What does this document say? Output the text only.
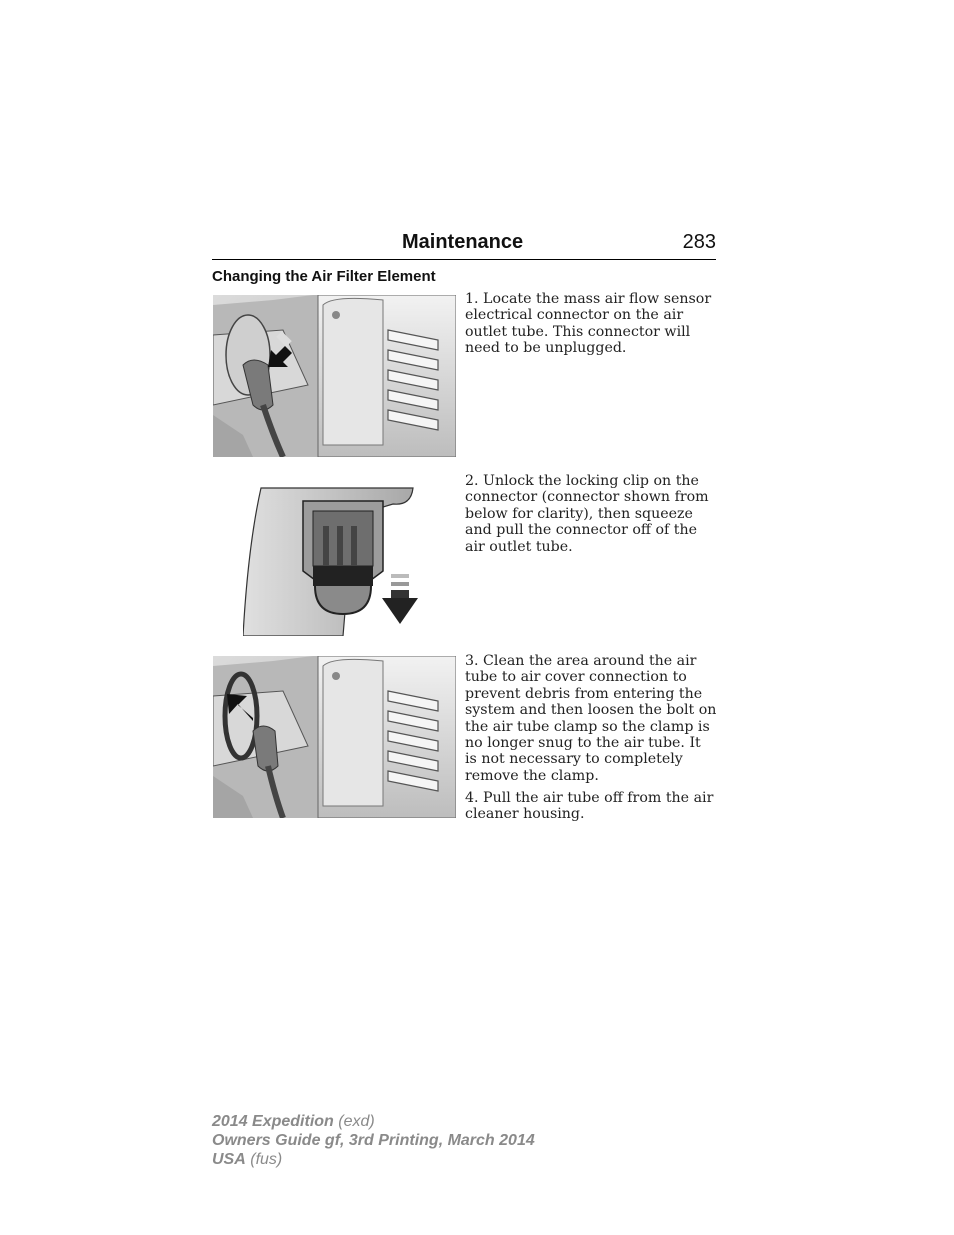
Maintenance	283
Changing the Air Filter Element

1. Locate the mass air flow sensor electrical connector on the air outlet tube. This connector will need to be unplugged.

2. Unlock the locking clip on the connector (connector shown from below for clarity), then squeeze and pull the connector off of the air outlet tube.

3. Clean the area around the air tube to air cover connection to prevent debris from entering the system and then loosen the bolt on the air tube clamp so the clamp is no longer snug to the air tube. It is not necessary to completely remove the clamp.

4. Pull the air tube off from the air cleaner housing.

2014 Expedition (exd)
Owners Guide gf, 3rd Printing, March 2014
USA (fus)
